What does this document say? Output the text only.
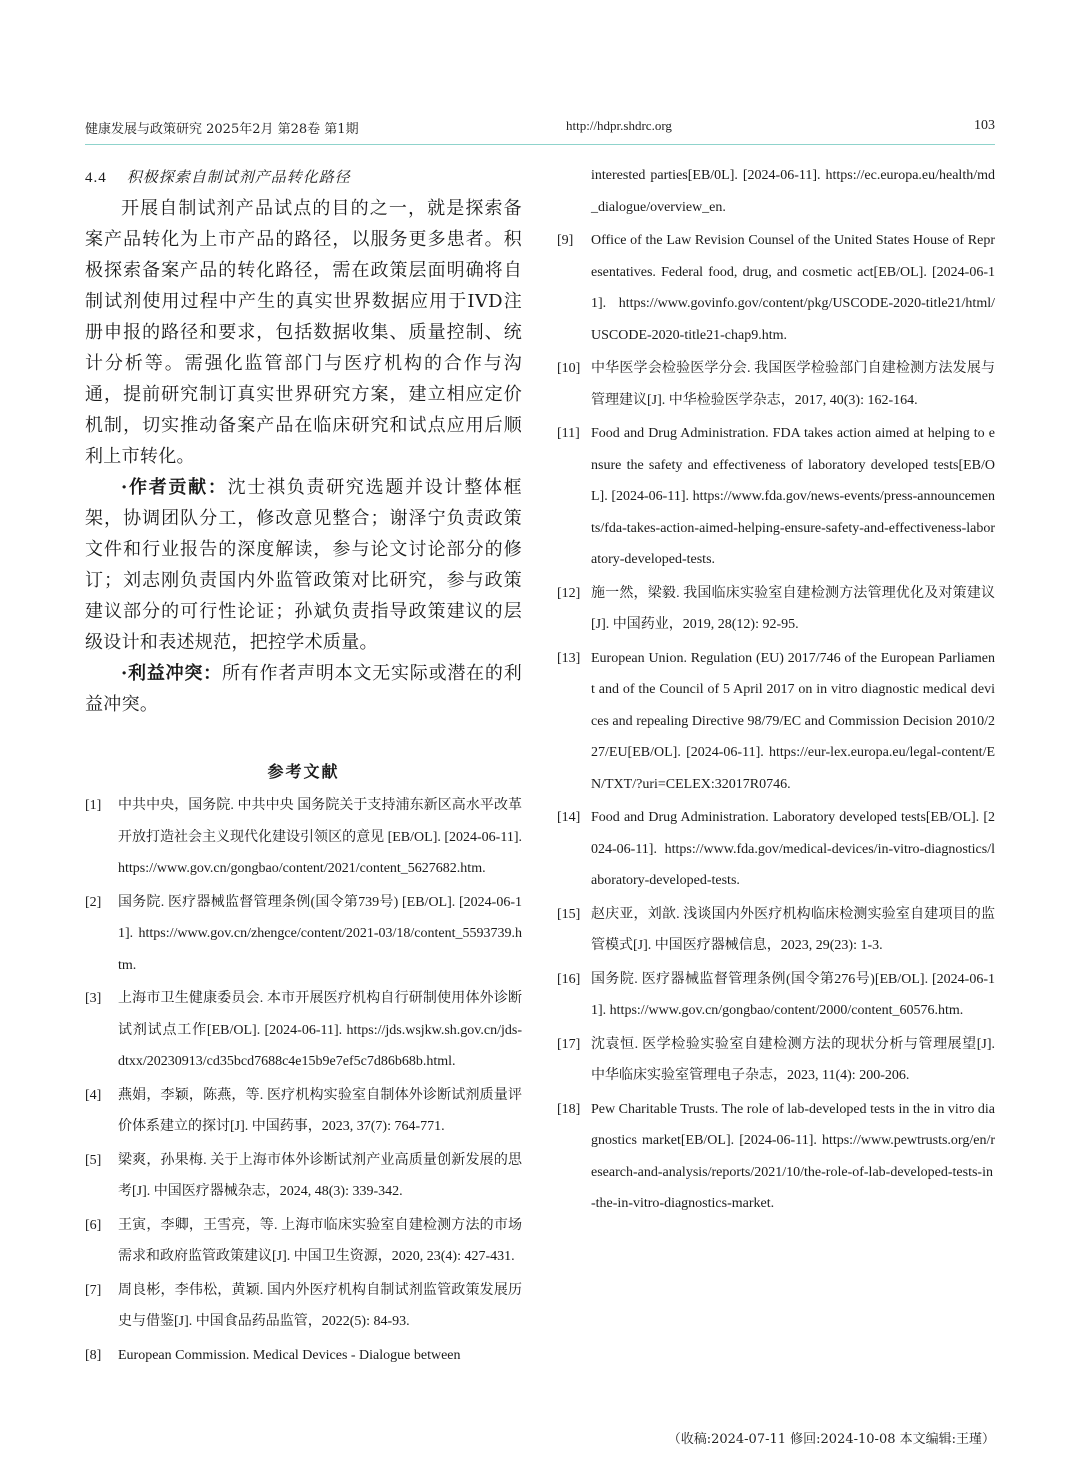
健康发展与政策研究 2025年2月 第28卷 第1期	http://hdpr.shdrc.org	103
4.4 积极探索自制试剂产品转化路径

开展自制试剂产品试点的目的之一，就是探索备案产品转化为上市产品的路径，以服务更多患者。积极探索备案产品的转化路径，需在政策层面明确将自制试剂使用过程中产生的真实世界数据应用于IVD注册申报的路径和要求，包括数据收集、质量控制、统计分析等。需强化监管部门与医疗机构的合作与沟通，提前研究制订真实世界研究方案，建立相应定价机制，切实推动备案产品在临床研究和试点应用后顺利上市转化。

·作者贡献：沈士祺负责研究选题并设计整体框架，协调团队分工，修改意见整合；谢泽宁负责政策文件和行业报告的深度解读，参与论文讨论部分的修订；刘志刚负责国内外监管政策对比研究，参与政策建议部分的可行性论证；孙斌负责指导政策建议的层级设计和表述规范，把控学术质量。

·利益冲突：所有作者声明本文无实际或潜在的利益冲突。

参考文献

[1] 中共中央，国务院. 中共中央 国务院关于支持浦东新区高水平改革开放打造社会主义现代化建设引领区的意见 [EB/OL]. [2024-06-11]. https://www.gov.cn/gongbao/content/2021/content_5627682.htm.

[2] 国务院. 医疗器械监督管理条例(国令第739号) [EB/OL]. [2024-06-11]. https://www.gov.cn/zhengce/content/2021-03/18/content_5593739.htm.

[3] 上海市卫生健康委员会. 本市开展医疗机构自行研制使用体外诊断试剂试点工作[EB/OL]. [2024-06-11]. https://jds.wsjkw.sh.gov.cn/jds-dtxx/20230913/cd35bcd7688c4e15b9e7ef5c7d86b68b.html.

[4] 燕娟，李颖，陈燕，等. 医疗机构实验室自制体外诊断试剂质量评价体系建立的探讨[J]. 中国药事，2023, 37(7): 764-771.

[5] 梁爽，孙果梅. 关于上海市体外诊断试剂产业高质量创新发展的思考[J]. 中国医疗器械杂志，2024, 48(3): 339-342.

[6] 王寅，李卿，王雪亮，等. 上海市临床实验室自建检测方法的市场需求和政府监管政策建议[J]. 中国卫生资源，2020, 23(4): 427-431.

[7] 周良彬，李伟松，黄颖. 国内外医疗机构自制试剂监管政策发展历史与借鉴[J]. 中国食品药品监管，2022(5): 84-93.

[8] European Commission. Medical Devices - Dialogue between

interested parties[EB/0L]. [2024-06-11]. https://ec.europa.eu/health/md_dialogue/overview_en.

[9] Office of the Law Revision Counsel of the United States House of Representatives. Federal food, drug, and cosmetic act[EB/OL]. [2024-06-11]. https://www.govinfo.gov/content/pkg/USCODE-2020-title21/html/USCODE-2020-title21-chap9.htm.

[10] 中华医学会检验医学分会. 我国医学检验部门自建检测方法发展与管理建议[J]. 中华检验医学杂志，2017, 40(3): 162-164.

[11] Food and Drug Administration. FDA takes action aimed at helping to ensure the safety and effectiveness of laboratory developed tests[EB/OL]. [2024-06-11]. https://www.fda.gov/news-events/press-announcements/fda-takes-action-aimed-helping-ensure-safety-and-effectiveness-laboratory-developed-tests.

[12] 施一然，梁毅. 我国临床实验室自建检测方法管理优化及对策建议[J]. 中国药业，2019, 28(12): 92-95.

[13] European Union. Regulation (EU) 2017/746 of the European Parliament and of the Council of 5 April 2017 on in vitro diagnostic medical devices and repealing Directive 98/79/EC and Commission Decision 2010/227/EU[EB/OL]. [2024-06-11]. https://eur-lex.europa.eu/legal-content/EN/TXT/?uri=CELEX:32017R0746.

[14] Food and Drug Administration. Laboratory developed tests[EB/OL]. [2024-06-11]. https://www.fda.gov/medical-devices/in-vitro-diagnostics/laboratory-developed-tests.

[15] 赵庆亚，刘歆. 浅谈国内外医疗机构临床检测实验室自建项目的监管模式[J]. 中国医疗器械信息，2023, 29(23): 1-3.

[16] 国务院. 医疗器械监督管理条例(国令第276号)[EB/OL]. [2024-06-11]. https://www.gov.cn/gongbao/content/2000/content_60576.htm.

[17] 沈袁恒. 医学检验实验室自建检测方法的现状分析与管理展望[J]. 中华临床实验室管理电子杂志，2023, 11(4): 200-206.

[18] Pew Charitable Trusts. The role of lab-developed tests in the in vitro diagnostics market[EB/OL]. [2024-06-11]. https://www.pewtrusts.org/en/research-and-analysis/reports/2021/10/the-role-of-lab-developed-tests-in-the-in-vitro-diagnostics-market.

（收稿:2024-07-11 修回:2024-10-08 本文编辑:王瑾）
